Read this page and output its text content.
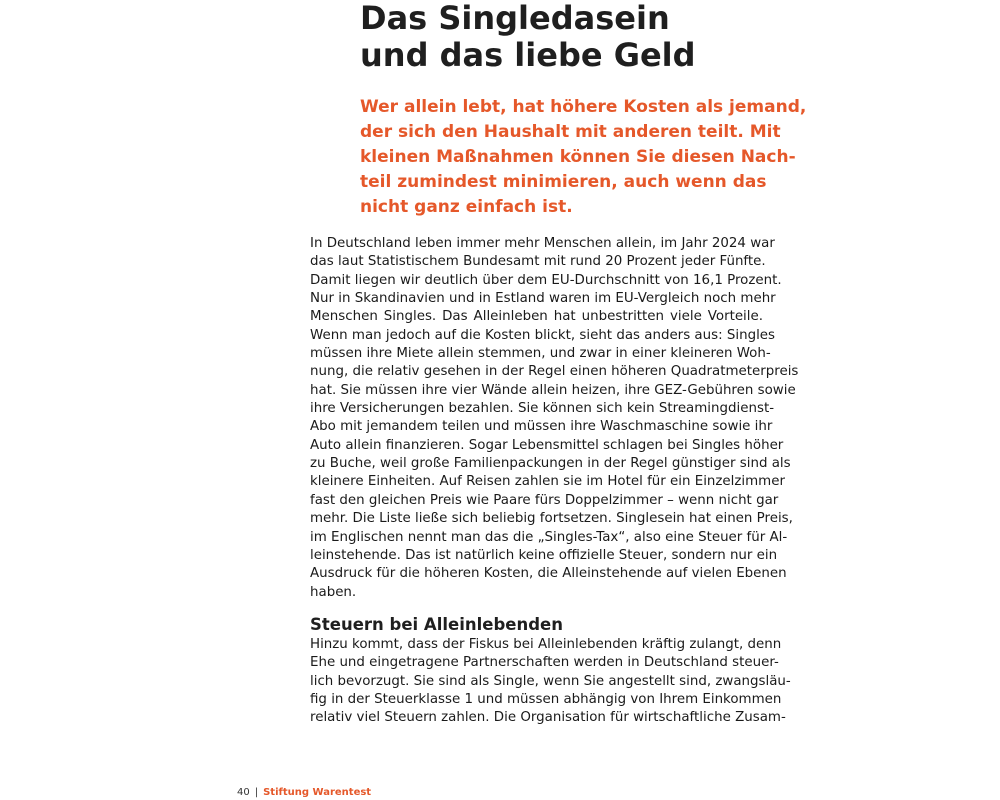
Das Singledasein
und das liebe Geld
Wer allein lebt, hat höhere Kosten als jemand,
der sich den Haushalt mit anderen teilt. Mit
kleinen Maßnahmen können Sie diesen Nach-
teil zumindest minimieren, auch wenn das
nicht ganz einfach ist.
In Deutschland leben immer mehr Menschen allein, im Jahr 2024 war
das laut Statistischem Bundesamt mit rund 20 Prozent jeder Fünfte.
Damit liegen wir deutlich über dem EU-Durchschnitt von 16,1 Prozent.
Nur in Skandinavien und in Estland waren im EU-Vergleich noch mehr
Menschen Singles. Das Alleinleben hat unbestritten viele Vorteile.
Wenn man jedoch auf die Kosten blickt, sieht das anders aus: Singles
müssen ihre Miete allein stemmen, und zwar in einer kleineren Woh-
nung, die relativ gesehen in der Regel einen höheren Quadratmeterpreis
hat. Sie müssen ihre vier Wände allein heizen, ihre GEZ-Gebühren sowie
ihre Versicherungen bezahlen. Sie können sich kein Streamingdienst-
Abo mit jemandem teilen und müssen ihre Waschmaschine sowie ihr
Auto allein finanzieren. Sogar Lebensmittel schlagen bei Singles höher
zu Buche, weil große Familienpackungen in der Regel günstiger sind als
kleinere Einheiten. Auf Reisen zahlen sie im Hotel für ein Einzelzimmer
fast den gleichen Preis wie Paare fürs Doppelzimmer – wenn nicht gar
mehr. Die Liste ließe sich beliebig fortsetzen. Singlesein hat einen Preis,
im Englischen nennt man das die „Singles-Tax“, also eine Steuer für Al-
leinstehende. Das ist natürlich keine offizielle Steuer, sondern nur ein
Ausdruck für die höheren Kosten, die Alleinstehende auf vielen Ebenen
haben.
Steuern bei Alleinlebenden
Hinzu kommt, dass der Fiskus bei Alleinlebenden kräftig zulangt, denn
Ehe und eingetragene Partnerschaften werden in Deutschland steuer-
lich bevorzugt. Sie sind als Single, wenn Sie angestellt sind, zwangsläu-
fig in der Steuerklasse 1 und müssen abhängig von Ihrem Einkommen
relativ viel Steuern zahlen. Die Organisation für wirtschaftliche Zusam-
40 | Stiftung Warentest
